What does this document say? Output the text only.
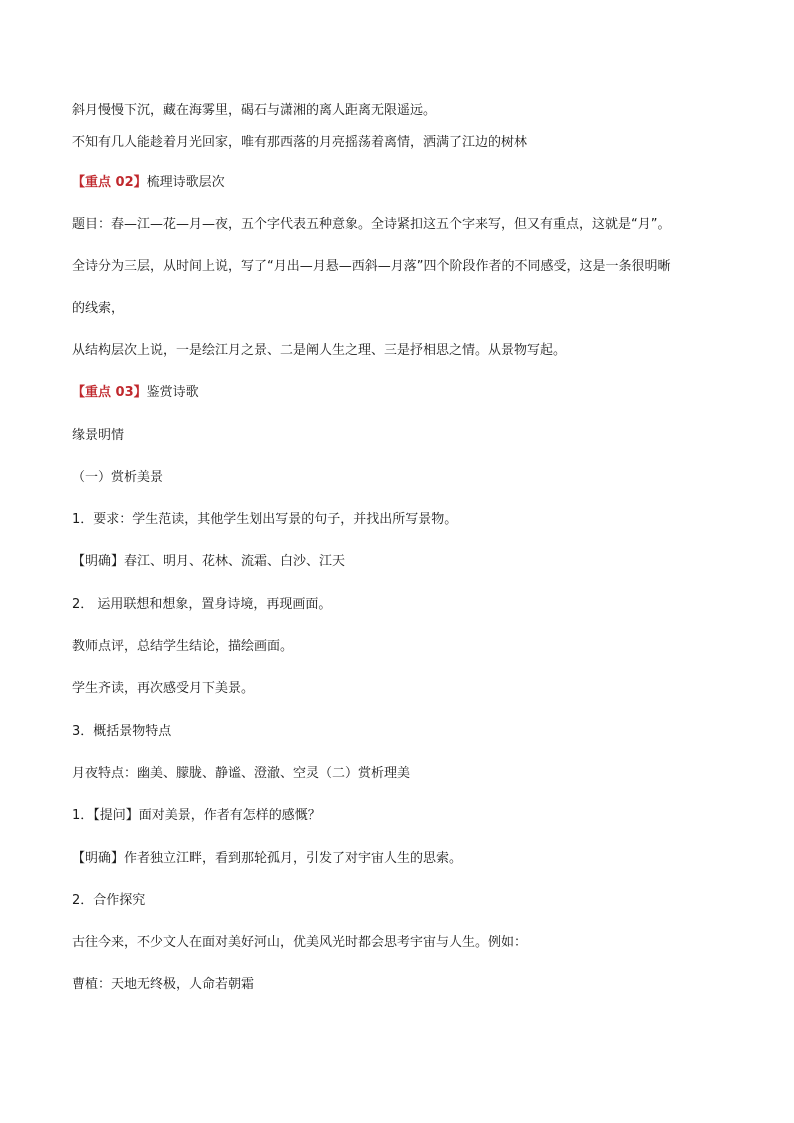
斜月慢慢下沉，藏在海雾里，碣石与潇湘的离人距离无限遥远。
不知有几人能趁着月光回家，唯有那西落的月亮摇荡着离情，洒满了江边的树林
【重点 02】梳理诗歌层次
题目：春—江—花—月—夜，五个字代表五种意象。全诗紧扣这五个字来写，但又有重点，这就是“月”。
全诗分为三层，从时间上说，写了“月出—月悬—西斜—月落”四个阶段作者的不同感受，这是一条很明晰
的线索，
从结构层次上说，一是绘江月之景、二是阐人生之理、三是抒相思之情。从景物写起。
【重点 03】鉴赏诗歌
缘景明情
（一）赏析美景
1．要求：学生范读，其他学生划出写景的句子，并找出所写景物。
【明确】春江、明月、花林、流霜、白沙、江天
2． 运用联想和想象，置身诗境，再现画面。
教师点评，总结学生结论，描绘画面。
学生齐读，再次感受月下美景。
3．概括景物特点
月夜特点：幽美、朦胧、静谧、澄澈、空灵（二）赏析理美
1．【提问】面对美景，作者有怎样的感慨？
【明确】作者独立江畔，看到那轮孤月，引发了对宇宙人生的思索。
2．合作探究
古往今来，不少文人在面对美好河山，优美风光时都会思考宇宙与人生。例如：
曹植：天地无终极，人命若朝霜
